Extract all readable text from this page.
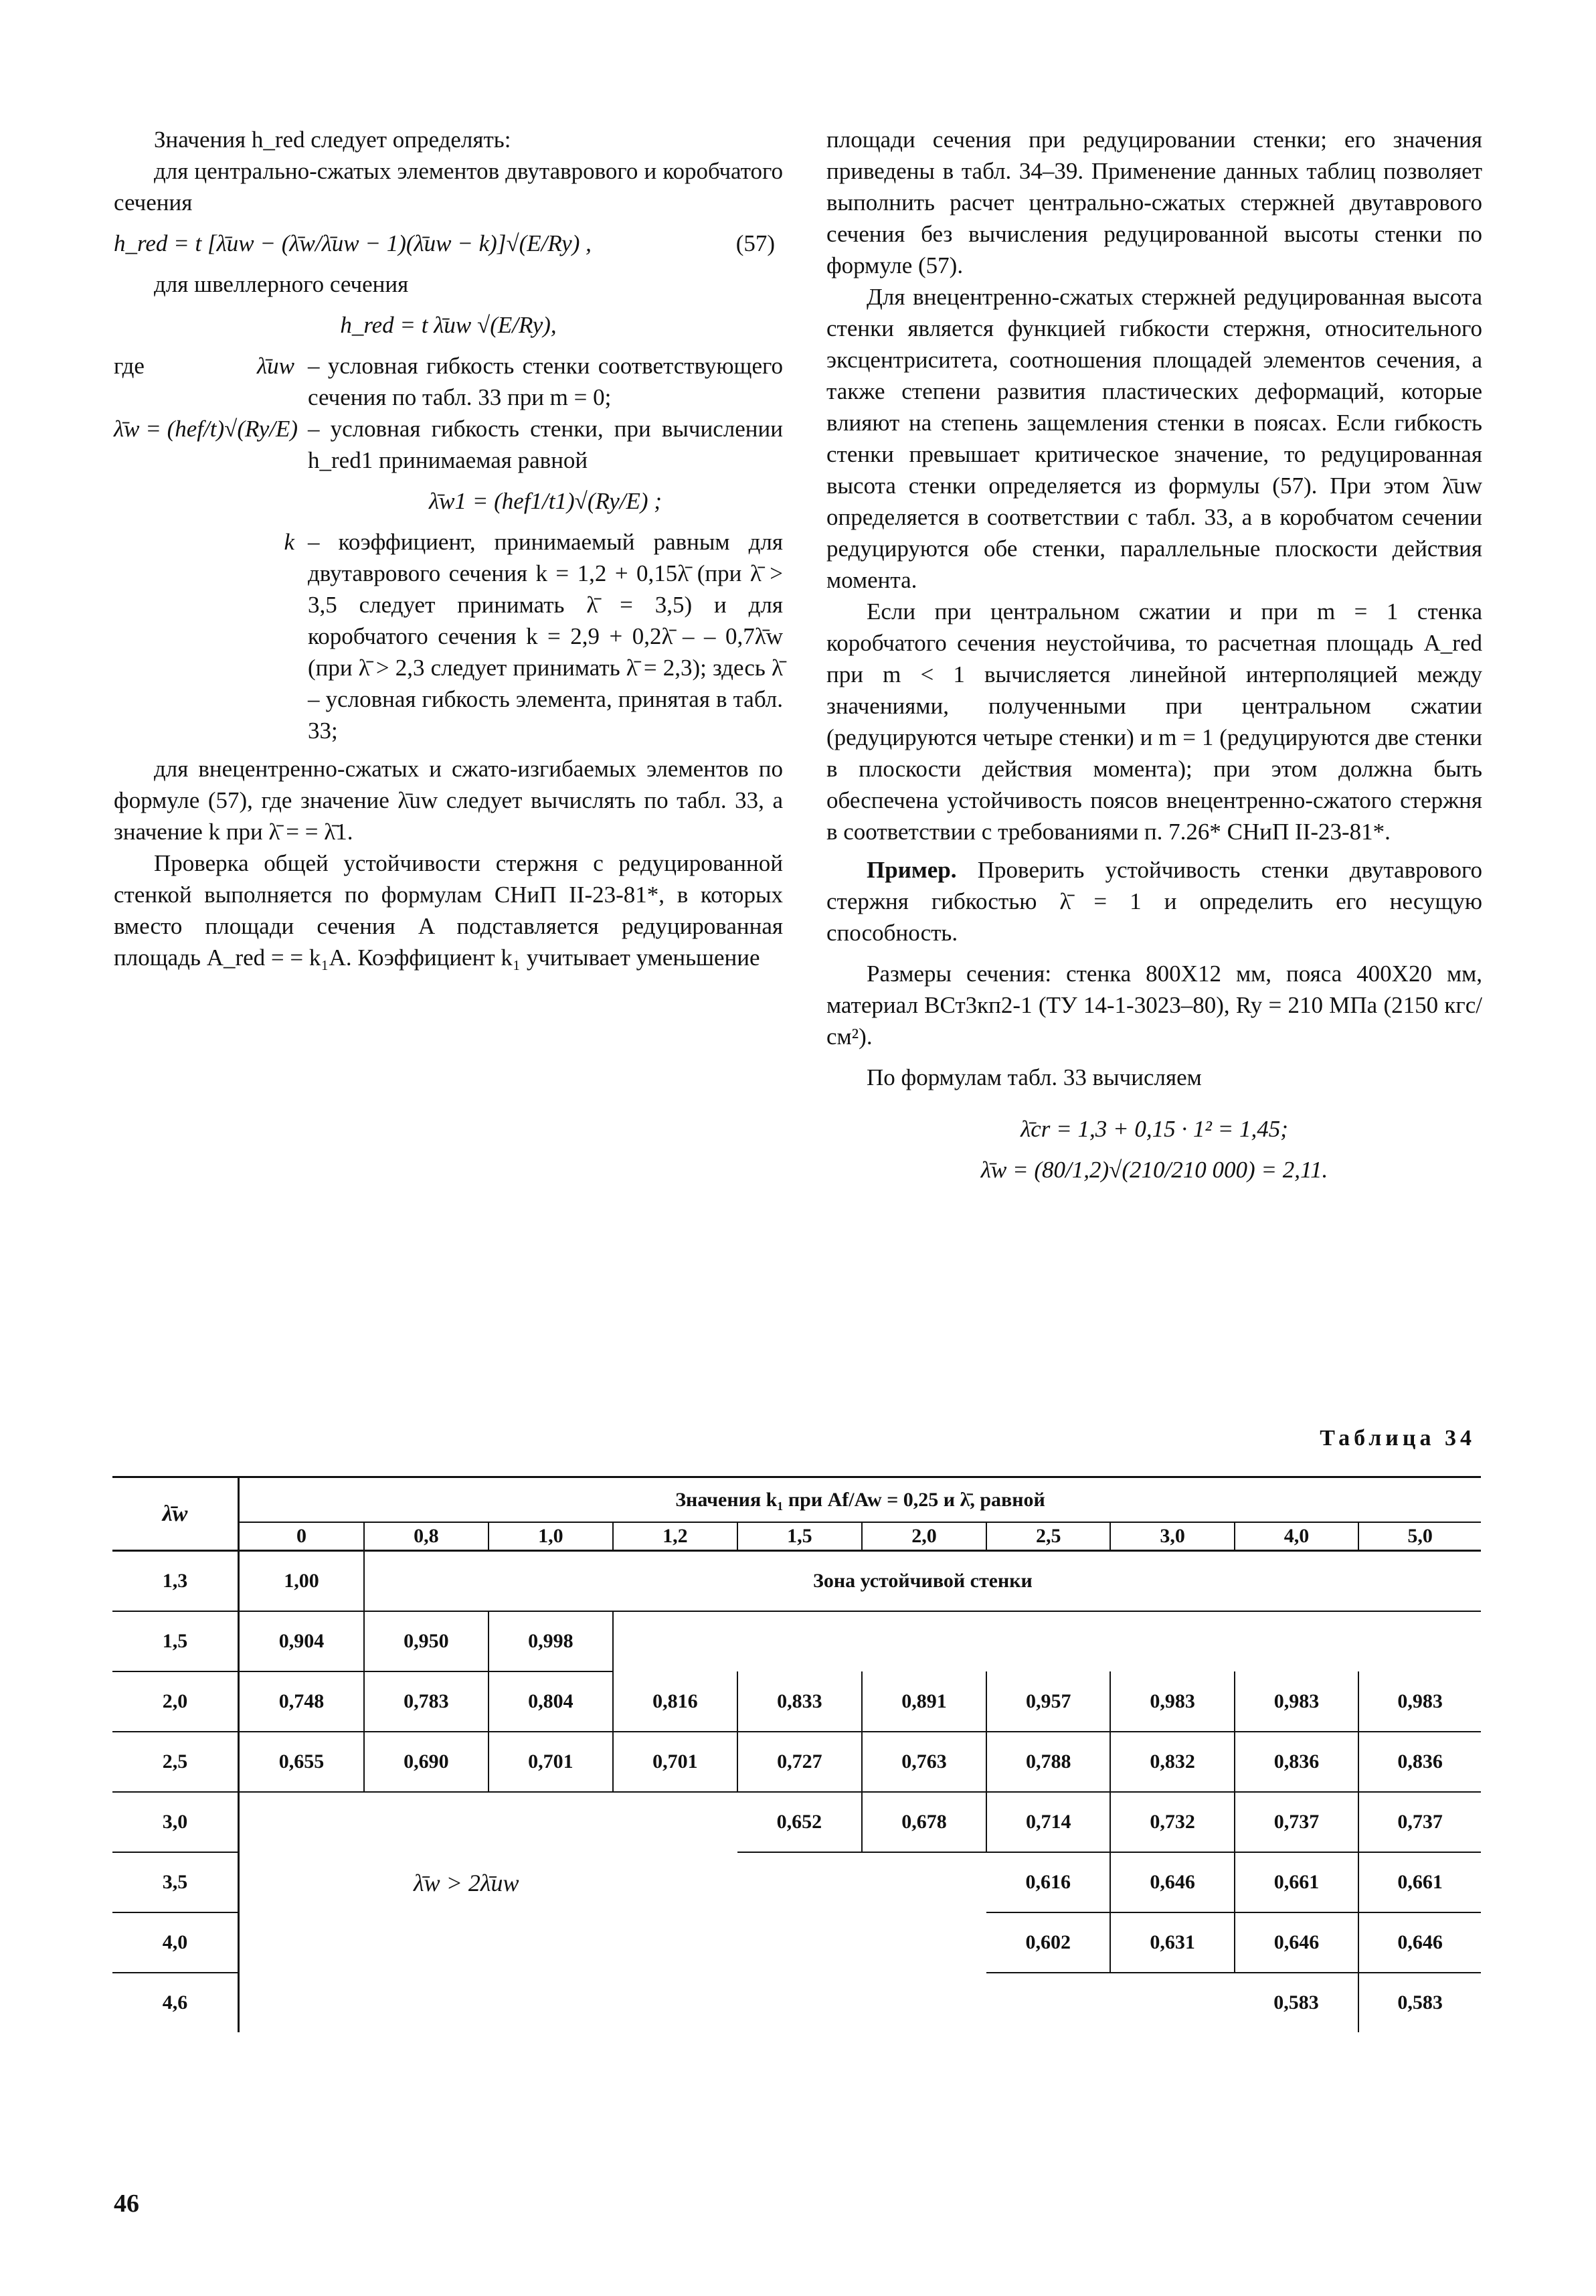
Значения h_red следует определять:

для центрально-сжатых элементов двутаврового и коробчатого сечения

h_red = t [λ̄uw − (λ̄w/λ̄uw − 1)(λ̄uw − k)]√(E/Ry) ,	(57)

для швеллерного сечения

h_red = t λ̄uw √(E/Ry),
где	λ̄uw – условная гибкость стенки соответствующего сечения по табл. 33 при m = 0;
λ̄w = (hef/t)√(Ry/E) – условная гибкость стенки, при вычислении h_red1 принимаемая равной
λ̄w1 = (hef1/t1)√(Ry/E) ;
k – коэффициент, принимаемый равным для двутаврового сечения k = 1,2 + 0,15λ̄ (при λ̄ > 3,5 следует принимать λ̄ = 3,5) и для коробчатого сечения k = 2,9 + 0,2λ̄ – – 0,7λ̄w (при λ̄ > 2,3 следует принимать λ̄ = 2,3); здесь λ̄ – условная гибкость элемента, принятая в табл. 33;

для внецентренно-сжатых и сжато-изгибаемых элементов по формуле (57), где значение λ̄uw следует вычислять по табл. 33, а значение k при λ̄ = = λ̄1.

Проверка общей устойчивости стержня с редуцированной стенкой выполняется по формулам СНиП II-23-81*, в которых вместо площади сечения A подставляется редуцированная площадь A_red = = k₁A. Коэффициент k₁ учитывает уменьшение

площади сечения при редуцировании стенки; его значения приведены в табл. 34–39. Применение данных таблиц позволяет выполнить расчет центрально-сжатых стержней двутаврового сечения без вычисления редуцированной высоты стенки по формуле (57).

Для внецентренно-сжатых стержней редуцированная высота стенки является функцией гибкости стержня, относительного эксцентриситета, соотношения площадей элементов сечения, а также степени развития пластических деформаций, которые влияют на степень защемления стенки в поясах. Если гибкость стенки превышает критическое значение, то редуцированная высота стенки определяется из формулы (57). При этом λ̄uw определяется в соответствии с табл. 33, а в коробчатом сечении редуцируются обе стенки, параллельные плоскости действия момента.

Если при центральном сжатии и при m = 1 стенка коробчатого сечения неустойчива, то расчетная площадь A_red при m < 1 вычисляется линейной интерполяцией между значениями, полученными при центральном сжатии (редуцируются четыре стенки) и m = 1 (редуцируются две стенки в плоскости действия момента); при этом должна быть обеспечена устойчивость поясов внецентренно-сжатого стержня в соответствии с требованиями п. 7.26* СНиП II-23-81*.

Пример. Проверить устойчивость стенки двутаврового стержня гибкостью λ̄ = 1 и определить его несущую способность.

Размеры сечения: стенка 800X12 мм, пояса 400X20 мм, материал ВСт3кп2-1 (ТУ 14-1-3023–80), Ry = 210 МПа (2150 кгс/см²).

По формулам табл. 33 вычисляем

λ̄cr = 1,3 + 0,15 · 1² = 1,45;
λ̄w = (80/1,2)√(210/210 000) = 2,11.
Таблица 34
λ̄w	Значения k₁ при Af/Aw = 0,25 и λ̄, равной									
	0	0,8	1,0	1,2	1,5	2,0	2,5	3,0	4,0	5,0
1,3	1,00	Зона устойчивой стенки								
1,5	0,904	0,950	0,998							
2,0	0,748	0,783	0,804	0,816	0,833	0,891	0,957	0,983	0,983	0,983
2,5	0,655	0,690	0,701	0,701	0,727	0,763	0,788	0,832	0,836	0,836
3,0					0,652	0,678	0,714	0,732	0,737	0,737
3,5	λ̄w > 2λ̄uw						0,616	0,646	0,661	0,661
4,0							0,602	0,631	0,646	0,646
4,6									0,583	0,583
46
